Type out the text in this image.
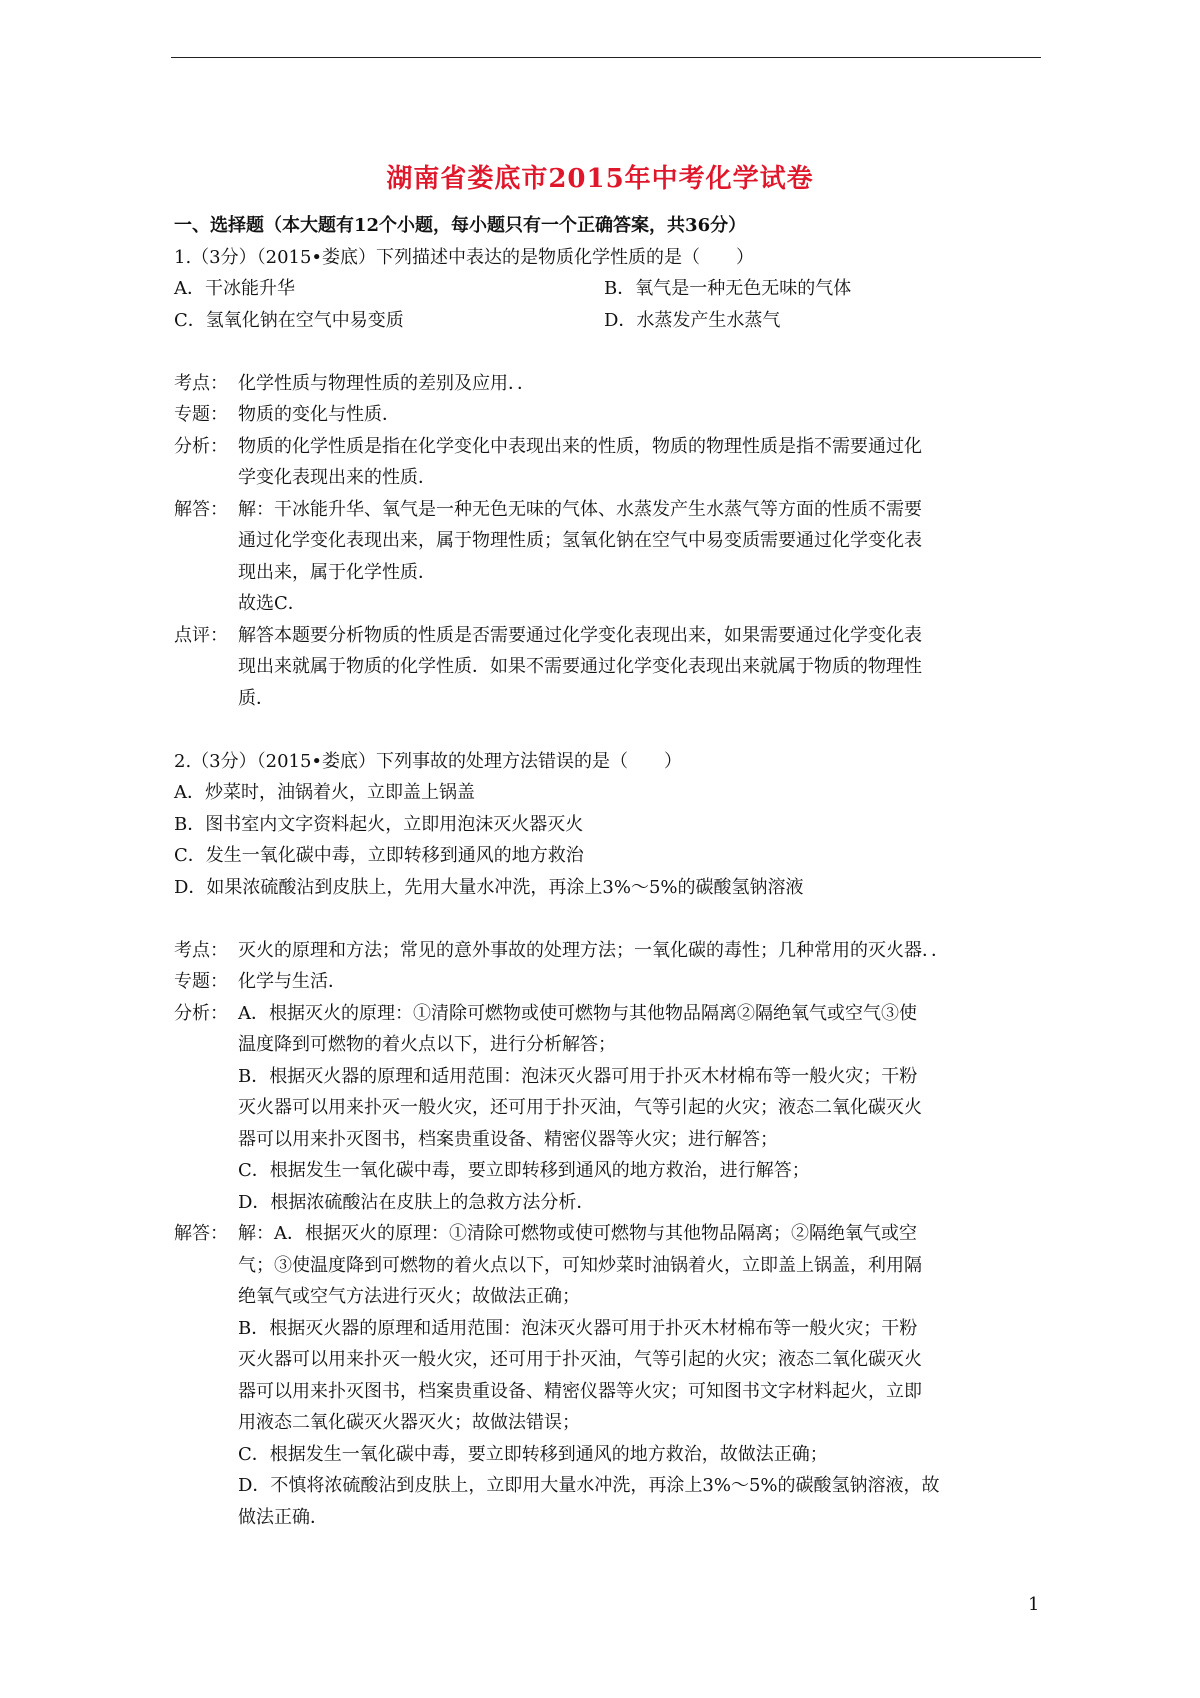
湖南省娄底市2015年中考化学试卷
一、选择题（本大题有12个小题，每小题只有一个正确答案，共36分）
1.（3分）（2015•娄底）下列描述中表达的是物质化学性质的是（　　）
A．干冰能升华	B．氧气是一种无色无味的气体
C．氢氧化钠在空气中易变质	D．水蒸发产生水蒸气
考点： 化学性质与物理性质的差别及应用．．
专题： 物质的变化与性质．
分析： 物质的化学性质是指在化学变化中表现出来的性质，物质的物理性质是指不需要通过化
学变化表现出来的性质．
解答： 解：干冰能升华、氧气是一种无色无味的气体、水蒸发产生水蒸气等方面的性质不需要
通过化学变化表现出来，属于物理性质；氢氧化钠在空气中易变质需要通过化学变化表
现出来，属于化学性质．
故选C．
点评： 解答本题要分析物质的性质是否需要通过化学变化表现出来，如果需要通过化学变化表
现出来就属于物质的化学性质．如果不需要通过化学变化表现出来就属于物质的物理性
质．
2.（3分）（2015•娄底）下列事故的处理方法错误的是（　　）
A．炒菜时，油锅着火，立即盖上锅盖
B．图书室内文字资料起火，立即用泡沫灭火器灭火
C．发生一氧化碳中毒，立即转移到通风的地方救治
D．如果浓硫酸沾到皮肤上，先用大量水冲洗，再涂上3%～5%的碳酸氢钠溶液
考点： 灭火的原理和方法；常见的意外事故的处理方法；一氧化碳的毒性；几种常用的灭火器．．
专题： 化学与生活．
分析： A．根据灭火的原理：①清除可燃物或使可燃物与其他物品隔离②隔绝氧气或空气③使
温度降到可燃物的着火点以下，进行分析解答；
B．根据灭火器的原理和适用范围：泡沫灭火器可用于扑灭木材棉布等一般火灾；干粉
灭火器可以用来扑灭一般火灾，还可用于扑灭油，气等引起的火灾；液态二氧化碳灭火
器可以用来扑灭图书，档案贵重设备、精密仪器等火灾；进行解答；
C．根据发生一氧化碳中毒，要立即转移到通风的地方救治，进行解答；
D．根据浓硫酸沾在皮肤上的急救方法分析．
解答： 解：A．根据灭火的原理：①清除可燃物或使可燃物与其他物品隔离；②隔绝氧气或空
气；③使温度降到可燃物的着火点以下，可知炒菜时油锅着火，立即盖上锅盖，利用隔
绝氧气或空气方法进行灭火；故做法正确；
B．根据灭火器的原理和适用范围：泡沫灭火器可用于扑灭木材棉布等一般火灾；干粉
灭火器可以用来扑灭一般火灾，还可用于扑灭油，气等引起的火灾；液态二氧化碳灭火
器可以用来扑灭图书，档案贵重设备、精密仪器等火灾；可知图书文字材料起火，立即
用液态二氧化碳灭火器灭火；故做法错误；
C．根据发生一氧化碳中毒，要立即转移到通风的地方救治，故做法正确；
D．不慎将浓硫酸沾到皮肤上，立即用大量水冲洗，再涂上3%～5%的碳酸氢钠溶液，故
做法正确．
1
